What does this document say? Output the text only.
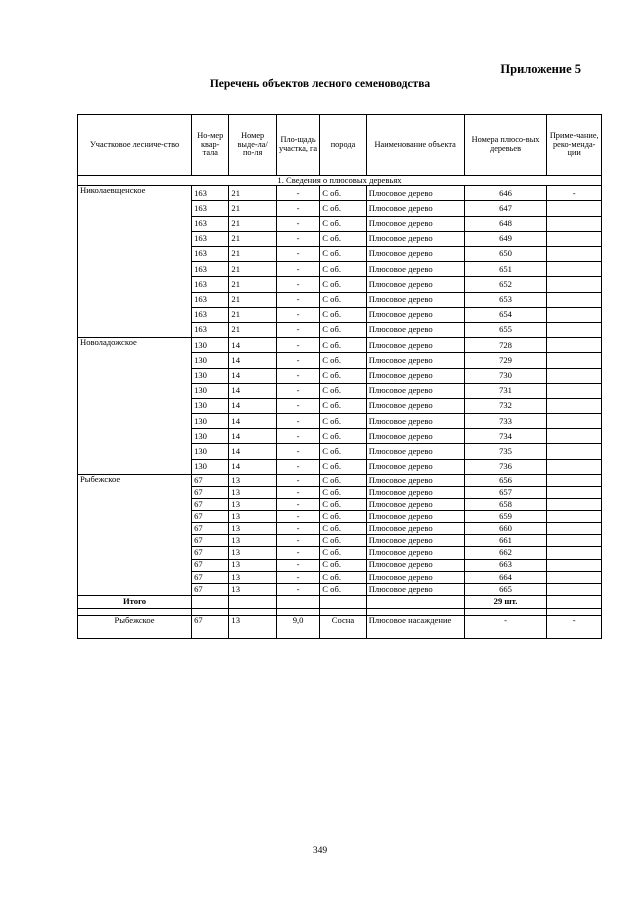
Приложение 5
Перечень объектов лесного семеноводства
Участковое лесниче-ство	Но-мер квар-тала	Номер выде-ла/ по-ля	Пло-щадь участка, га	порода	Наименование объекта	Номера плюсо-вых деревьев	Приме-чание, реко-менда-ции
1. Сведения о плюсовых деревьях							
Николаевщенское	163	21	-	С об.	Плюсовое дерево	646	-
	163	21	-	С об.	Плюсовое дерево	647	
	163	21	-	С об.	Плюсовое дерево	648	
	163	21	-	С об.	Плюсовое дерево	649	
	163	21	-	С об.	Плюсовое дерево	650	
	163	21	-	С об.	Плюсовое дерево	651	
	163	21	-	С об.	Плюсовое дерево	652	
	163	21	-	С об.	Плюсовое дерево	653	
	163	21	-	С об.	Плюсовое дерево	654	
	163	21	-	С об.	Плюсовое дерево	655	
Новоладожское	130	14	-	С об.	Плюсовое дерево	728	
	130	14	-	С об.	Плюсовое дерево	729	
	130	14	-	С об.	Плюсовое дерево	730	
	130	14	-	С об.	Плюсовое дерево	731	
	130	14	-	С об.	Плюсовое дерево	732	
	130	14	-	С об.	Плюсовое дерево	733	
	130	14	-	С об.	Плюсовое дерево	734	
	130	14	-	С об.	Плюсовое дерево	735	
	130	14	-	С об.	Плюсовое дерево	736	
Рыбежское	67	13	-	С об.	Плюсовое дерево	656	
	67	13	-	С об.	Плюсовое дерево	657	
	67	13	-	С об.	Плюсовое дерево	658	
	67	13	-	С об.	Плюсовое дерево	659	
	67	13	-	С об.	Плюсовое дерево	660	
	67	13	-	С об.	Плюсовое дерево	661	
	67	13	-	С об.	Плюсовое дерево	662	
	67	13	-	С об.	Плюсовое дерево	663	
	67	13	-	С об.	Плюсовое дерево	664	
	67	13	-	С об.	Плюсовое дерево	665	
Итого						29 шт.	

Рыбежское	67	13	9,0	Сосна	Плюсовое насаждение	-	-
349
